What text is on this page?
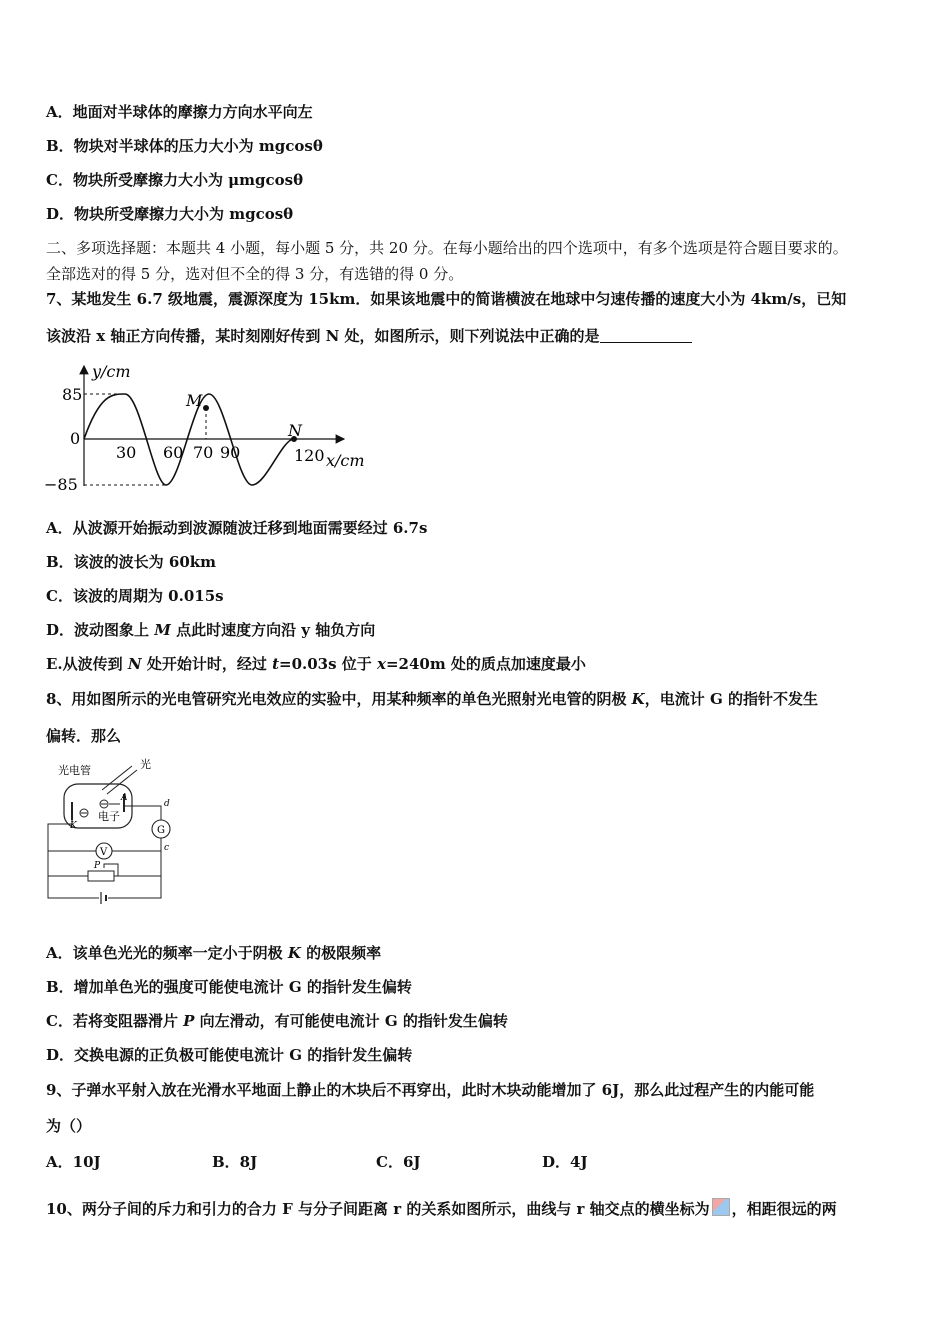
A．地面对半球体的摩擦力方向水平向左
B．物块对半球体的压力大小为 mgcosθ
C．物块所受摩擦力大小为 μmgcosθ
D．物块所受摩擦力大小为 mgcosθ
二、多项选择题：本题共 4 小题，每小题 5 分，共 20 分。在每小题给出的四个选项中，有多个选项是符合题目要求的。
全部选对的得 5 分，选对但不全的得 3 分，有选错的得 0 分。
7、某地发生 6.7 级地震，震源深度为 15km．如果该地震中的简谐横波在地球中匀速传播的速度大小为 4km/s，已知
该波沿 x 轴正方向传播，某时刻刚好传到 N 处，如图所示，则下列说法中正确的是
y/cm
x/cm
85
0
−85
30 60 70 90	120
M
N
A．从波源开始振动到波源随波迁移到地面需要经过 6.7s
B．该波的波长为 60km
C．该波的周期为 0.015s
D．波动图象上 M 点此时速度方向沿 y 轴负方向
E.从波传到 N 处开始计时，经过 t=0.03s 位于 x=240m 处的质点加速度最小
8、用如图所示的光电管研究光电效应的实验中，用某种频率的单色光照射光电管的阴极 K，电流计 G 的指针不发生
偏转．那么
光电管	光
电子
A
K
d
c
G
V
P
A．该单色光光的频率一定小于阴极 K 的极限频率
B．增加单色光的强度可能使电流计 G 的指针发生偏转
C．若将变阻器滑片 P 向左滑动，有可能使电流计 G 的指针发生偏转
D．交换电源的正负极可能使电流计 G 的指针发生偏转
9、子弹水平射入放在光滑水平地面上静止的木块后不再穿出，此时木块动能增加了 6J，那么此过程产生的内能可能
为（）
A．10J	B．8J	C．6J	D．4J
10、两分子间的斥力和引力的合力 F 与分子间距离 r 的关系如图所示，曲线与 r 轴交点的横坐标为 ，相距很远的两
